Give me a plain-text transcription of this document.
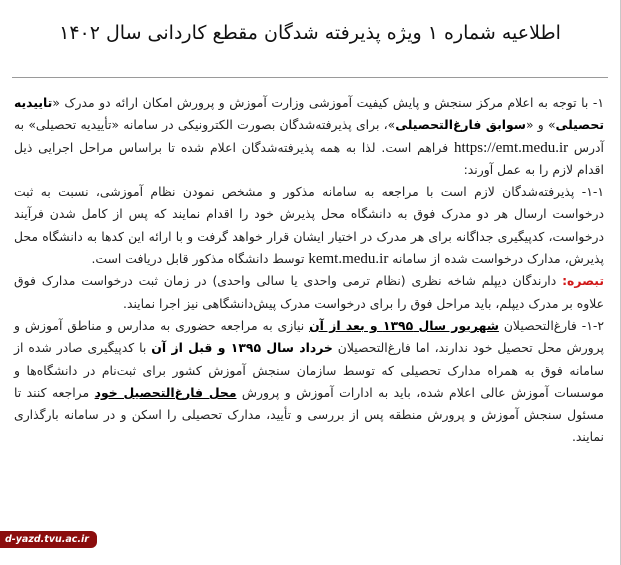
اطلاعیه شماره ۱ ویژه پذیرفته شدگان مقطع کاردانی سال ۱۴۰۲

۱- با توجه به اعلام مرکز سنجش و پایش کیفیت آموزشی وزارت آموزش و پرورش امکان ارائه دو مدرک «تاییدیه تحصیلی» و «سوابق فارغ‌التحصیلی»، برای پذیرفته‌شدگان بصورت الکترونیکی در سامانه «تأییدیه تحصیلی» به آدرس https://emt.medu.ir فراهم است. لذا به همه پذیرفته‌شدگان اعلام شده تا براساس مراحل اجرایی ذیل اقدام لازم را به عمل آورند:

۱-۱- پذیرفته‌شدگان لازم است با مراجعه به سامانه مذکور و مشخص نمودن نظام آموزشی، نسبت به ثبت درخواست ارسال هر دو مدرک فوق به دانشگاه محل پذیرش خود را اقدام نمایند که پس از کامل شدن فرآیند درخواست، کدپیگیری جداگانه برای هر مدرک در اختیار ایشان قرار خواهد گرفت و با ارائه این کدها به دانشگاه محل پذیرش، مدارک درخواست شده از سامانه kemt.medu.ir توسط دانشگاه مذکور قابل دریافت است.

تبصره: دارندگان دیپلم شاخه نظری (نظام ترمی واحدی یا سالی واحدی) در زمان ثبت درخواست مدارک فوق علاوه بر مدرک دیپلم، باید مراحل فوق را برای درخواست مدرک پیش‌دانشگاهی نیز اجرا نمایند.

۱-۲- فارغ‌التحصیلان شهریور سال ۱۳۹۵ و بعد از آن نیازی به مراجعه حضوری به مدارس و مناطق آموزش و پرورش محل تحصیل خود ندارند، اما فارغ‌التحصیلان خرداد سال ۱۳۹۵ و قبل از آن با کدپیگیری صادر شده از سامانه فوق به همراه مدارک تحصیلی که توسط سازمان سنجش آموزش کشور برای ثبت‌نام در دانشگاه‌ها و موسسات آموزش عالی اعلام شده، باید به ادارات آموزش و پرورش محل فارغ‌التحصیل خود مراجعه کنند تا مسئول سنجش آموزش و پرورش منطقه پس از بررسی و تأیید، مدارک تحصیلی را اسکن و در سامانه بارگذاری نمایند.

d-yazd.tvu.ac.ir
